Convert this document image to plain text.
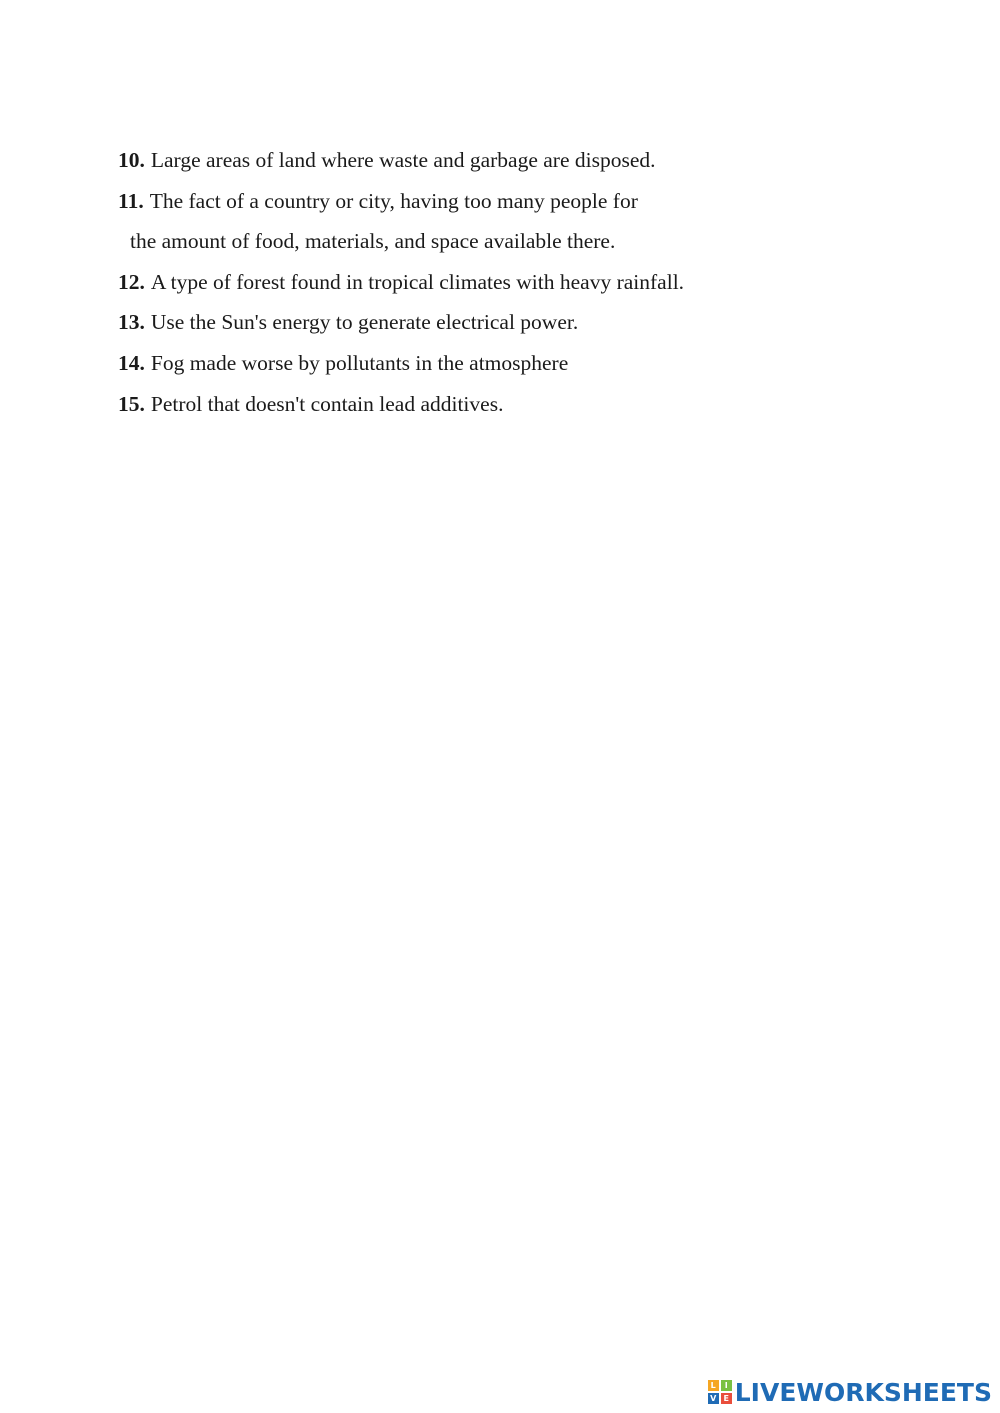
10. Large areas of land where waste and garbage are disposed.
11. The fact of a country or city, having too many people for
the amount of food, materials, and space available there.
12. A type of forest found in tropical climates with heavy rainfall.
13. Use the Sun's energy to generate electrical power.
14. Fog made worse by pollutants in the atmosphere
15. Petrol that doesn't contain lead additives.
L	I
V E LIVEWORKSHEETS
